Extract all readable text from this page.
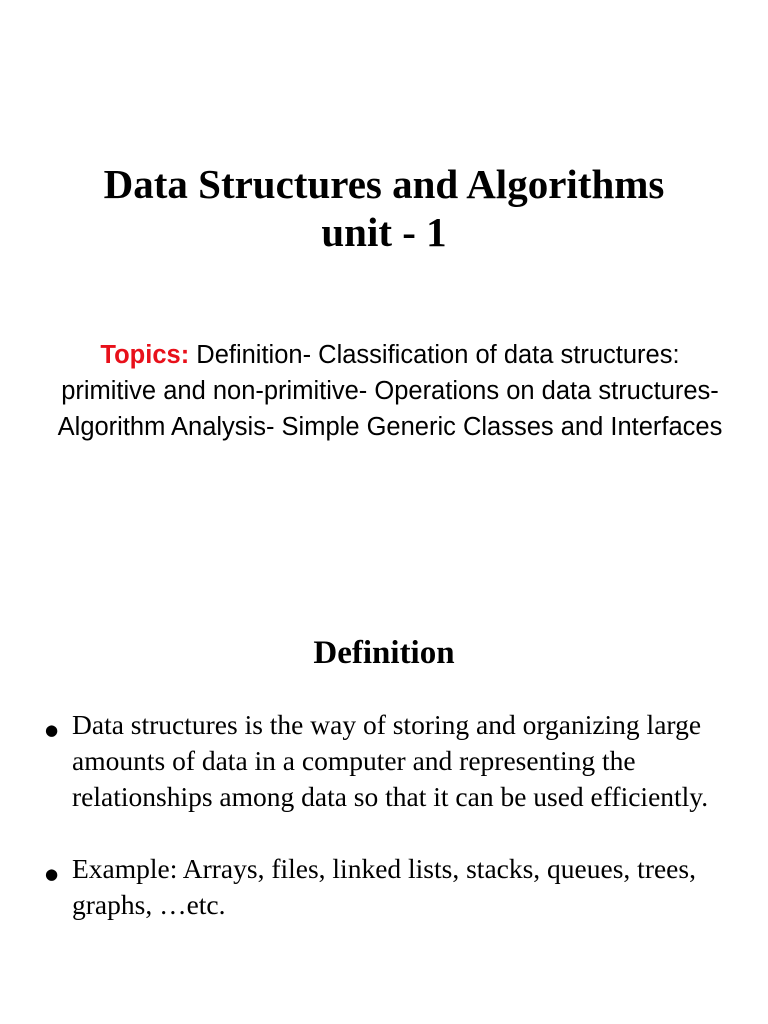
Data Structures and Algorithms
unit - 1

Topics: Definition- Classification of data structures: primitive and non-primitive- Operations on data structures- Algorithm Analysis- Simple Generic Classes and Interfaces

Definition
● Data structures is the way of storing and organizing large amounts of data in a computer and representing the relationships among data so that it can be used efficiently.
● Example: Arrays, files, linked lists, stacks, queues, trees, graphs, …etc.
